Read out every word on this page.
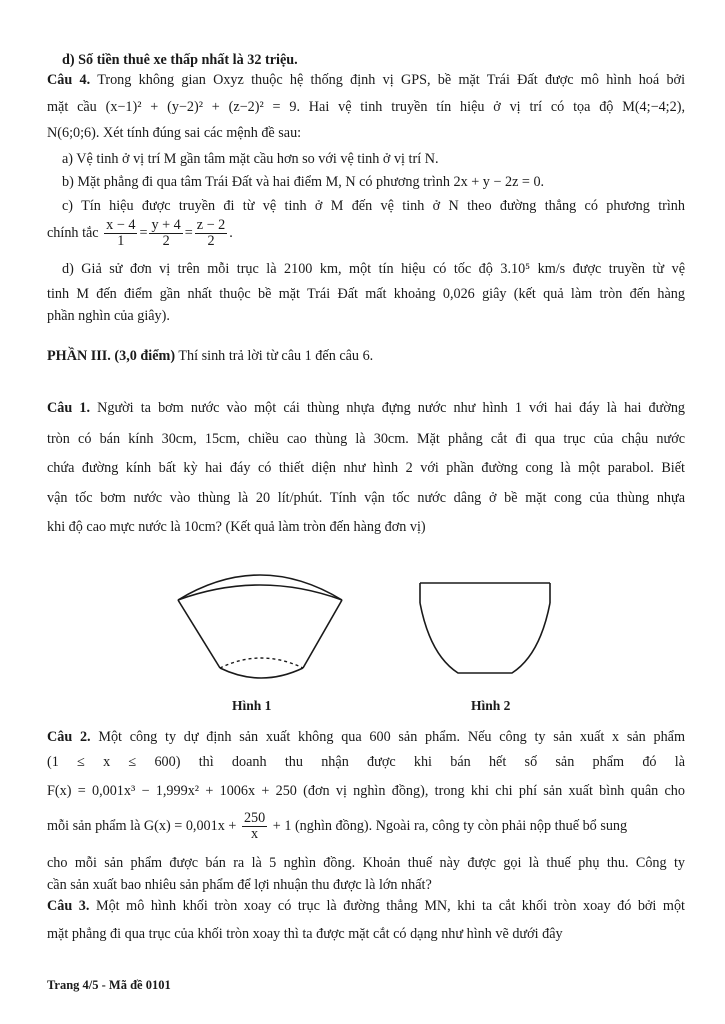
d) Số tiền thuê xe thấp nhất là 32 triệu.
Câu 4. Trong không gian Oxyz thuộc hệ thống định vị GPS, bề mặt Trái Đất được mô hình hoá bởi
mặt cầu (x−1)² + (y−2)² + (z−2)² = 9. Hai vệ tinh truyền tín hiệu ở vị trí có tọa độ M(4;−4;2),
N(6;0;6). Xét tính đúng sai các mệnh đề sau:
a) Vệ tinh ở vị trí M gần tâm mặt cầu hơn so với vệ tinh ở vị trí N.
b) Mặt phẳng đi qua tâm Trái Đất và hai điểm M, N có phương trình 2x + y − 2z = 0.
c) Tín hiệu được truyền đi từ vệ tinh ở M đến vệ tinh ở N theo đường thẳng có phương trình
chính tắc $\frac{x - 4}{1} = \frac{y + 4}{2} = \frac{z - 2}{2}$ .
d) Giả sử đơn vị trên mỗi trục là 2100 km, một tín hiệu có tốc độ 3.10⁵ km/s được truyền từ vệ
tinh M đến điểm gần nhất thuộc bề mặt Trái Đất mất khoảng 0,026 giây (kết quả làm tròn đến hàng
phần nghìn của giây).
PHẦN III. (3,0 điểm) Thí sinh trả lời từ câu 1 đến câu 6.
Câu 1. Người ta bơm nước vào một cái thùng nhựa đựng nước như hình 1 với hai đáy là hai đường
tròn có bán kính 30cm, 15cm, chiều cao thùng là 30cm. Mặt phẳng cắt đi qua trục của chậu nước
chứa đường kính bất kỳ hai đáy có thiết diện như hình 2 với phần đường cong là một parabol. Biết
vận tốc bơm nước vào thùng là 20 lít/phút. Tính vận tốc nước dâng ở bề mặt cong của thùng nhựa
khi độ cao mực nước là 10cm? (Kết quả làm tròn đến hàng đơn vị)
Hình 1	Hình 2
Câu 2. Một công ty dự định sản xuất không qua 600 sản phẩm. Nếu công ty sản xuất x sản phẩm
(1 ≤ x ≤ 600) thì doanh thu nhận được khi bán hết số sản phẩm đó là
F(x) = 0,001x³ − 1,999x² + 1006x + 250 (đơn vị nghìn đồng), trong khi chi phí sản xuất bình quân cho
mỗi sản phẩm là $G(x) = 0,001x + \frac{250}{x} + 1$ (nghìn đồng). Ngoài ra, công ty còn phải nộp thuế bổ sung
cho mỗi sản phẩm được bán ra là 5 nghìn đồng. Khoản thuế này được gọi là thuế phụ thu. Công ty
cần sản xuất bao nhiêu sản phẩm để lợi nhuận thu được là lớn nhất?
Câu 3. Một mô hình khối tròn xoay có trục là đường thẳng MN, khi ta cắt khối tròn xoay đó bởi một
mặt phẳng đi qua trục của khối tròn xoay thì ta được mặt cắt có dạng như hình vẽ dưới đây
Trang 4/5 - Mã đề 0101
